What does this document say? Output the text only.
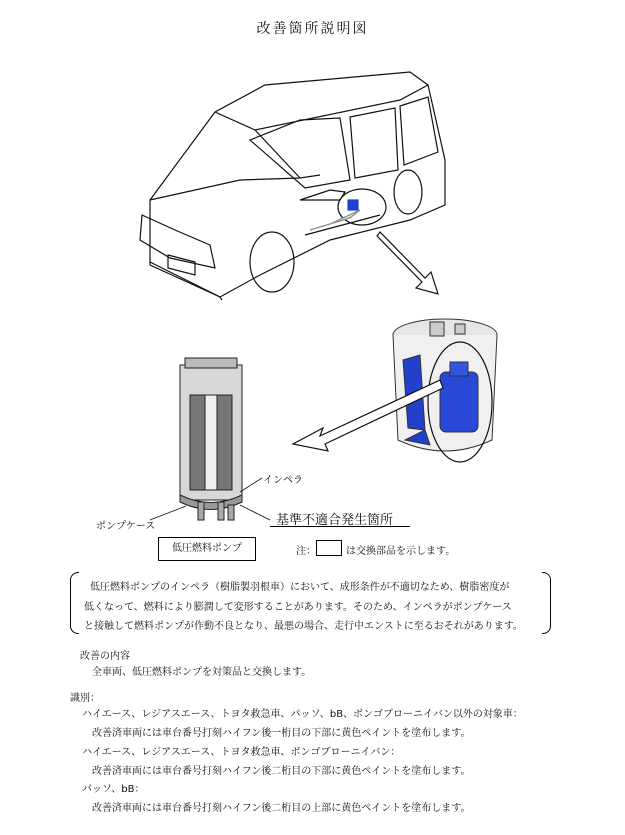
改善箇所説明図
インペラ
ポンプケース	基準不適合発生箇所
低圧燃料ポンプ	注：	は交換部品を示します。
低圧燃料ポンプのインペラ（樹脂製羽根車）において、成形条件が不適切なため、樹脂密度が
低くなって、燃料により膨潤して変形することがあります。そのため、インペラがポンプケース
と接触して燃料ポンプが作動不良となり、最悪の場合、走行中エンストに至るおそれがあります。
改善の内容
全車両、低圧燃料ポンプを対策品と交換します。
識別：
ハイエース、レジアスエース、トヨタ救急車、パッソ、bB、ボンゴブローニイバン以外の対象車：
改善済車両には車台番号打刻ハイフン後一桁目の下部に黄色ペイントを塗布します。
ハイエース、レジアスエース、トヨタ救急車、ボンゴブローニイバン：
改善済車両には車台番号打刻ハイフン後二桁目の下部に黄色ペイントを塗布します。
パッソ、bB：
改善済車両には車台番号打刻ハイフン後二桁目の上部に黄色ペイントを塗布します。
